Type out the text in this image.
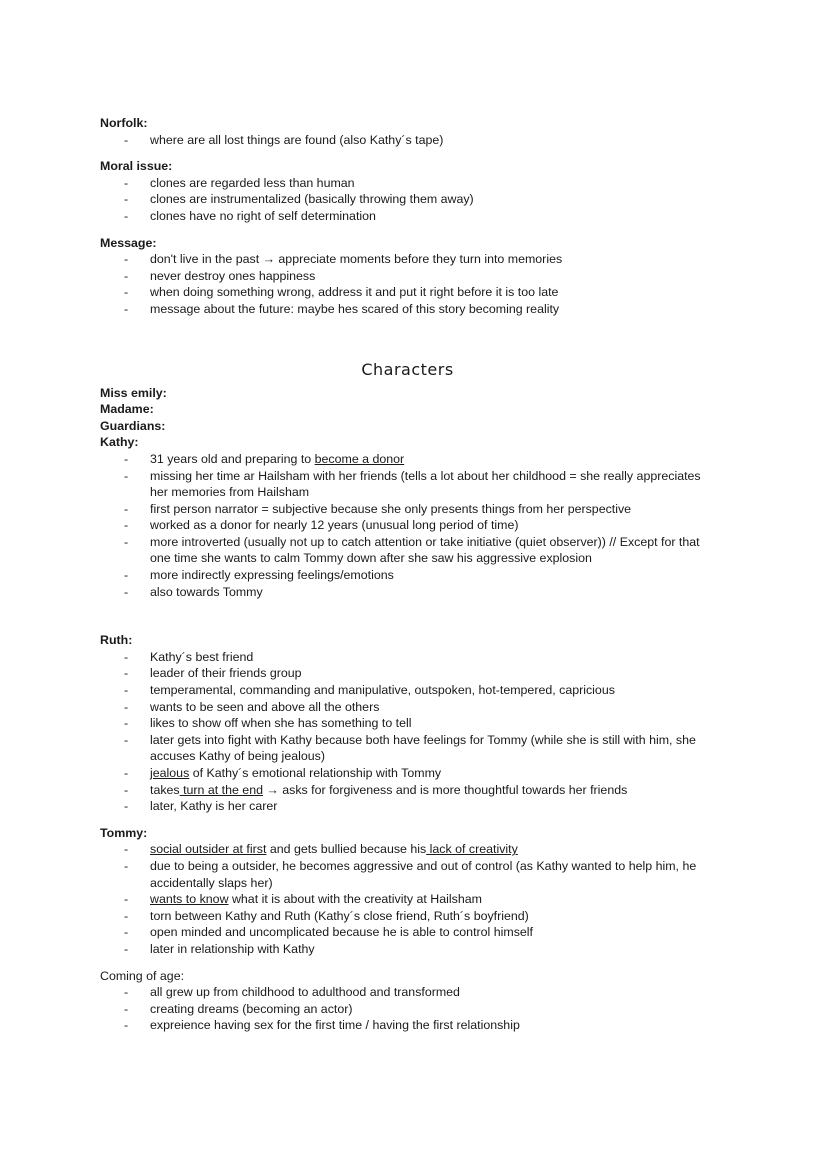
Norfolk:

- where are all lost things are found (also Kathy´s tape)

Moral issue:

- clones are regarded less than human
- clones are instrumentalized (basically throwing them away)
- clones have no right of self determination

Message:

- don't live in the past → appreciate moments before they turn into memories
- never destroy ones happiness
- when doing something wrong, address it and put it right before it is too late
- message about the future: maybe hes scared of this story becoming reality
Characters

Miss emily:

Madame:

Guardians:

Kathy:

- 31 years old and preparing to become a donor
- missing her time ar Hailsham with her friends (tells a lot about her childhood = she really appreciates her memories from Hailsham
- first person narrator = subjective because she only presents things from her perspective
- worked as a donor for nearly 12 years (unusual long period of time)
- more introverted (usually not up to catch attention or take initiative (quiet observer)) // Except for that one time she wants to calm Tommy down after she saw his aggressive explosion
- more indirectly expressing feelings/emotions
- also towards Tommy

Ruth:

- Kathy´s best friend
- leader of their friends group
- temperamental, commanding and manipulative, outspoken, hot-tempered, capricious
- wants to be seen and above all the others
- likes to show off when she has something to tell
- later gets into fight with Kathy because both have feelings for Tommy (while she is still with him, she accuses Kathy of being jealous)
- jealous of Kathy´s emotional relationship with Tommy
- takes turn at the end → asks for forgiveness and is more thoughtful towards her friends
- later, Kathy is her carer

Tommy:

- social outsider at first and gets bullied because his lack of creativity
- due to being a outsider, he becomes aggressive and out of control (as Kathy wanted to help him, he accidentally slaps her)
- wants to know what it is about with the creativity at Hailsham
- torn between Kathy and Ruth (Kathy´s close friend, Ruth´s boyfriend)
- open minded and uncomplicated because he is able to control himself
- later in relationship with Kathy

Coming of age:

- all grew up from childhood to adulthood and transformed
- creating dreams (becoming an actor)
- expreience having sex for the first time / having the first relationship
